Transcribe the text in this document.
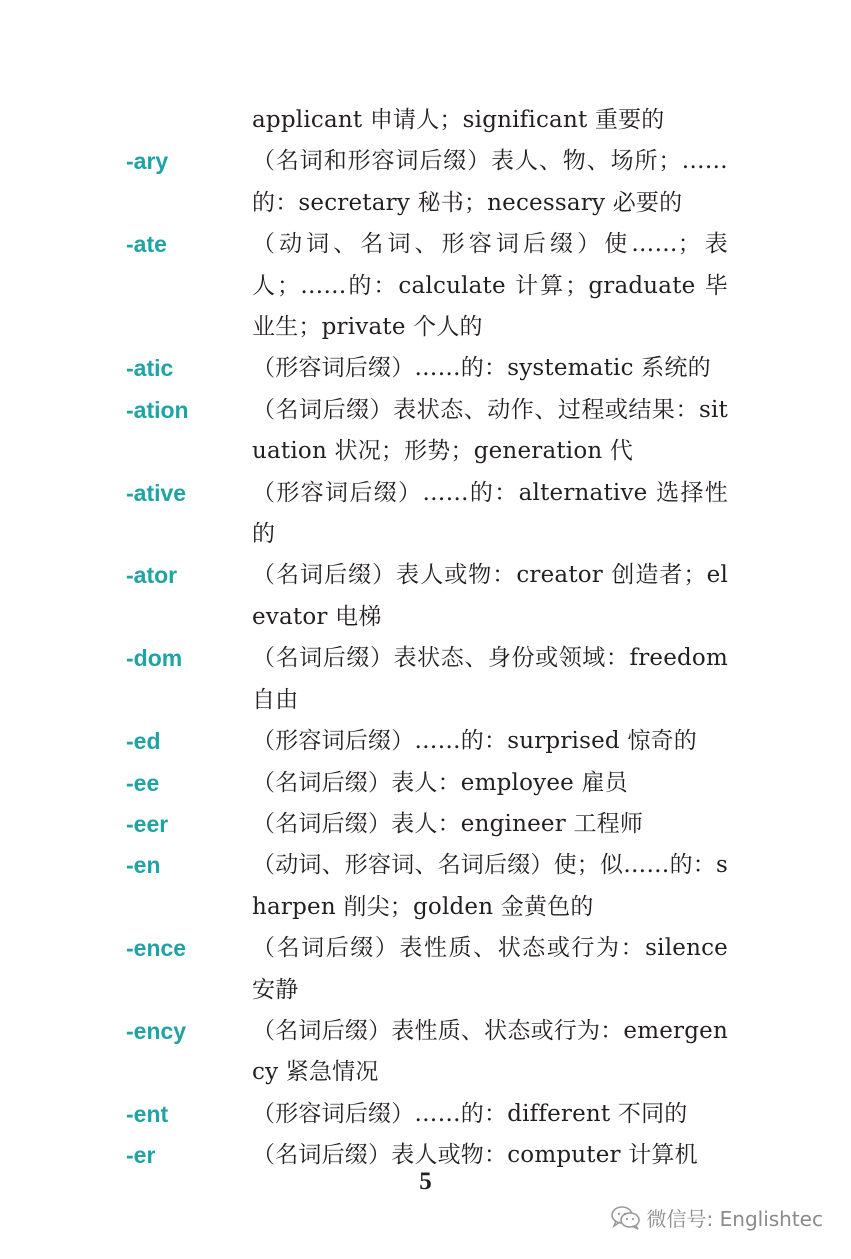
applicant 申请人；significant 重要的
-ary	（名词和形容词后缀）表人、物、场所；……的：secretary 秘书；necessary 必要的
-ate	（动词、名词、形容词后缀）使……；表人；……的：calculate 计算；graduate 毕业生；private 个人的
-atic	（形容词后缀）……的：systematic 系统的
-ation	（名词后缀）表状态、动作、过程或结果：situation 状况；形势；generation 代
-ative	（形容词后缀）……的：alternative 选择性的
-ator	（名词后缀）表人或物：creator 创造者；elevator 电梯
-dom	（名词后缀）表状态、身份或领域：freedom 自由
-ed	（形容词后缀）……的：surprised 惊奇的
-ee	（名词后缀）表人：employee 雇员
-eer	（名词后缀）表人：engineer 工程师
-en	（动词、形容词、名词后缀）使；似……的：sharpen 削尖；golden 金黄色的
-ence	（名词后缀）表性质、状态或行为：silence 安静
-ency	（名词后缀）表性质、状态或行为：emergency 紧急情况
-ent	（形容词后缀）……的：different 不同的
-er	（名词后缀）表人或物：computer 计算机
5
微信号: Englishtec
